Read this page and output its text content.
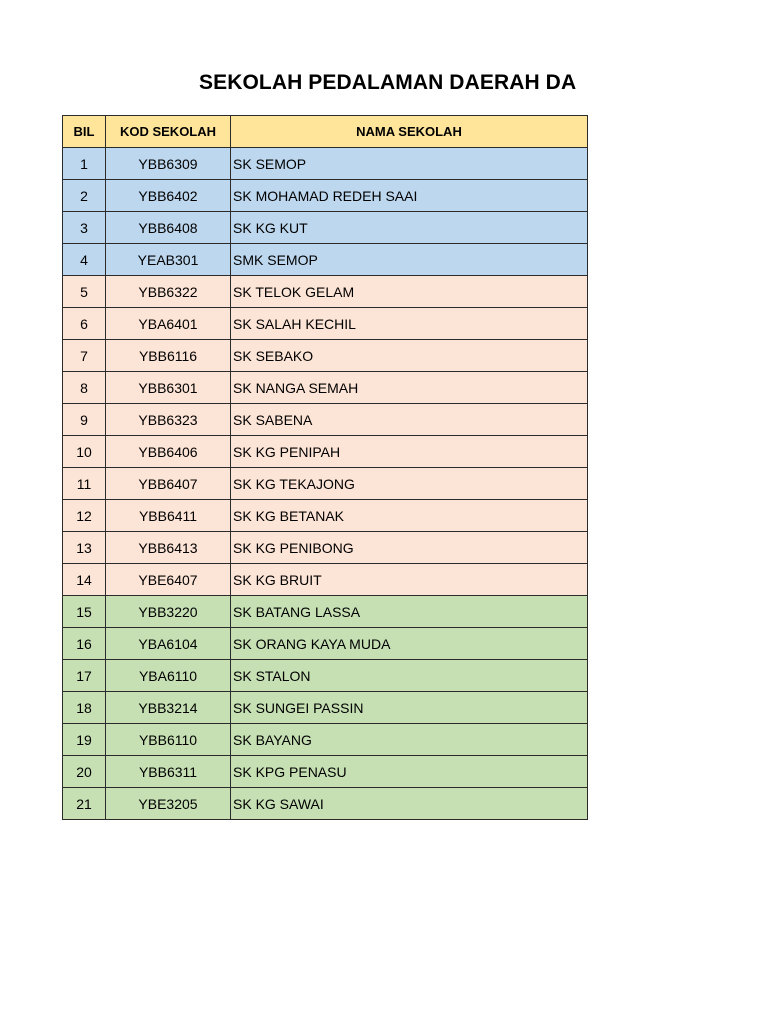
SEKOLAH PEDALAMAN DAERAH DA
BIL	KOD SEKOLAH	NAMA SEKOLAH
1	YBB6309	SK SEMOP
2	YBB6402	SK MOHAMAD REDEH SAAI
3	YBB6408	SK KG KUT
4	YEAB301	SMK SEMOP
5	YBB6322	SK TELOK GELAM
6	YBA6401	SK SALAH KECHIL
7	YBB6116	SK SEBAKO
8	YBB6301	SK NANGA SEMAH
9	YBB6323	SK SABENA
10	YBB6406	SK KG PENIPAH
11	YBB6407	SK KG TEKAJONG
12	YBB6411	SK KG BETANAK
13	YBB6413	SK KG PENIBONG
14	YBE6407	SK KG BRUIT
15	YBB3220	SK BATANG LASSA
16	YBA6104	SK ORANG KAYA MUDA
17	YBA6110	SK STALON
18	YBB3214	SK SUNGEI PASSIN
19	YBB6110	SK BAYANG
20	YBB6311	SK KPG PENASU
21	YBE3205	SK KG SAWAI
